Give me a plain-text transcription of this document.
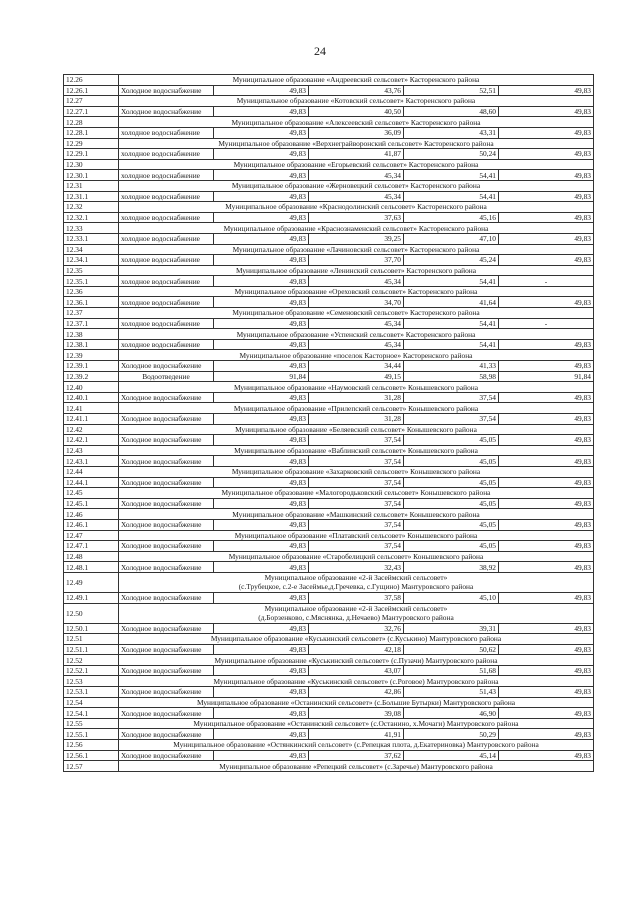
24
12.26	Муниципальное образование «Андреевский сельсовет» Касторенского района				
12.26.1	Холодное водоснабжение	49,83	43,76	52,51	49,83
12.27	Муниципальное образование «Котовский сельсовет» Касторенского района				
12.27.1	Холодное водоснабжение	49,83	40,50	48,60	49,83
12.28	Муниципальное образование «Алексеевский сельсовет» Касторенского района				
12.28.1	холодное водоснабжение	49,83	36,09	43,31	49,83
12.29	Муниципальное образование «Верхнеграйворонский сельсовет» Касторенского района				
12.29.1	холодное водоснабжение	49,83	41,87	50,24	49,83
12.30	Муниципальное образование «Егорьевский сельсовет» Касторенского района				
12.30.1	холодное водоснабжение	49,83	45,34	54,41	49,83
12.31	Муниципальное образование «Жерновецкий сельсовет» Касторенского района				
12.31.1	холодное водоснабжение	49,83	45,34	54,41	49,83
12.32	Муниципальное образование «Краснодолинский сельсовет» Касторенского района				
12.32.1	холодное водоснабжение	49,83	37,63	45,16	49,83
12.33	Муниципальное образование «Краснознаменский сельсовет» Касторенского района				
12.33.1	холодное водоснабжение	49,83	39,25	47,10	49,83
12.34	Муниципальное образование «Лачиновский сельсовет» Касторенского района				
12.34.1	холодное водоснабжение	49,83	37,70	45,24	49,83
12.35	Муниципальное образование «Ленинский сельсовет» Касторенского района				
12.35.1	холодное водоснабжение	49,83	45,34	54,41	-
12.36	Муниципальное образование «Ореховский сельсовет» Касторенского района				
12.36.1	холодное водоснабжение	49,83	34,70	41,64	49,83
12.37	Муниципальное образование «Семеновский сельсовет» Касторенского района				
12.37.1	холодное водоснабжение	49,83	45,34	54,41	-
12.38	Муниципальное образование «Успенский сельсовет» Касторенского района				
12.38.1	холодное водоснабжение	49,83	45,34	54,41	49,83
12.39	Муниципальное образование «поселок Касторное» Касторенского района				
12.39.1	Холодное водоснабжение	49,83	34,44	41,33	49,83
12.39.2	Водоотведение	91,84	49,15	58,98	91,84
12.40	Муниципальное образование «Наумовский сельсовет» Конышевского района				
12.40.1	Холодное водоснабжение	49,83	31,28	37,54	49,83
12.41	Муниципальное образование «Прилепский сельсовет» Конышевского района				
12.41.1	Холодное водоснабжение	49,83	31,28	37,54	49,83
12.42	Муниципальное образование «Беляевский сельсовет» Конышевского района				
12.42.1	Холодное водоснабжение	49,83	37,54	45,05	49,83
12.43	Муниципальное образование «Ваблинский сельсовет» Конышевского района				
12.43.1	Холодное водоснабжение	49,83	37,54	45,05	49,83
12.44	Муниципальное образование «Захарковский сельсовет» Конышевского района				
12.44.1	Холодное водоснабжение	49,83	37,54	45,05	49,83
12.45	Муниципальное образование «Малогородьковский сельсовет» Конышевского района				
12.45.1	Холодное водоснабжение	49,83	37,54	45,05	49,83
12.46	Муниципальное образование «Машкинский сельсовет» Конышевского района				
12.46.1	Холодное водоснабжение	49,83	37,54	45,05	49,83
12.47	Муниципальное образование «Платавский сельсовет» Конышевского района				
12.47.1	Холодное водоснабжение	49,83	37,54	45,05	49,83
12.48	Муниципальное образование «Старобелицкий сельсовет» Конышевского района				
12.48.1	Холодное водоснабжение	49,83	32,43	38,92	49,83
12.49	Муниципальное образование «2-й Засеймский сельсовет»
(с.Трубецкое, с.2-е Засеймье,д.Гречевка, с.Гущино) Мантуровского района				

12.49.1	Холодное водоснабжение	49,83	37,58	45,10	49,83
12.50	Муниципальное образование «2-й Засеймский сельсовет»
(д.Борзенково, с.Мяснянка, д.Нечаево) Мантуровского района				

12.50.1	Холодное водоснабжение	49,83	32,76	39,31	49,83
12.51	Муниципальное образование «Куськинский сельсовет» (с.Куськино) Мантуровского района				
12.51.1	Холодное водоснабжение	49,83	42,18	50,62	49,83
12.52	Муниципальное образование «Куськинский сельсовет» (с.Пузачи) Мантуровского района				
12.52.1	Холодное водоснабжение	49,83	43,07	51,68	49,83
12.53	Муниципальное образование «Куськинский сельсовет» (с.Роговое) Мантуровского района				
12.53.1	Холодное водоснабжение	49,83	42,86	51,43	49,83
12.54	Муниципальное образование «Останинский сельсовет» (с.Большие Бутырки) Мантуровского района				
12.54.1	Холодное водоснабжение	49,83	39,08	46,90	49,83
12.55	Муниципальное образование «Останинский сельсовет» (с.Останино, х.Мочаги) Мантуровского района				
12.55.1	Холодное водоснабжение	49,83	41,91	50,29	49,83
12.56	Муниципальное образование «Остянкинский сельсовет» (с.Репецкая плота, д.Екатериновка) Мантуровского района				
12.56.1	Холодное водоснабжение	49,83	37,62	45,14	49,83
12.57	Муниципальное образование «Репецкий сельсовет» (с.Заречье) Мантуровского района				
